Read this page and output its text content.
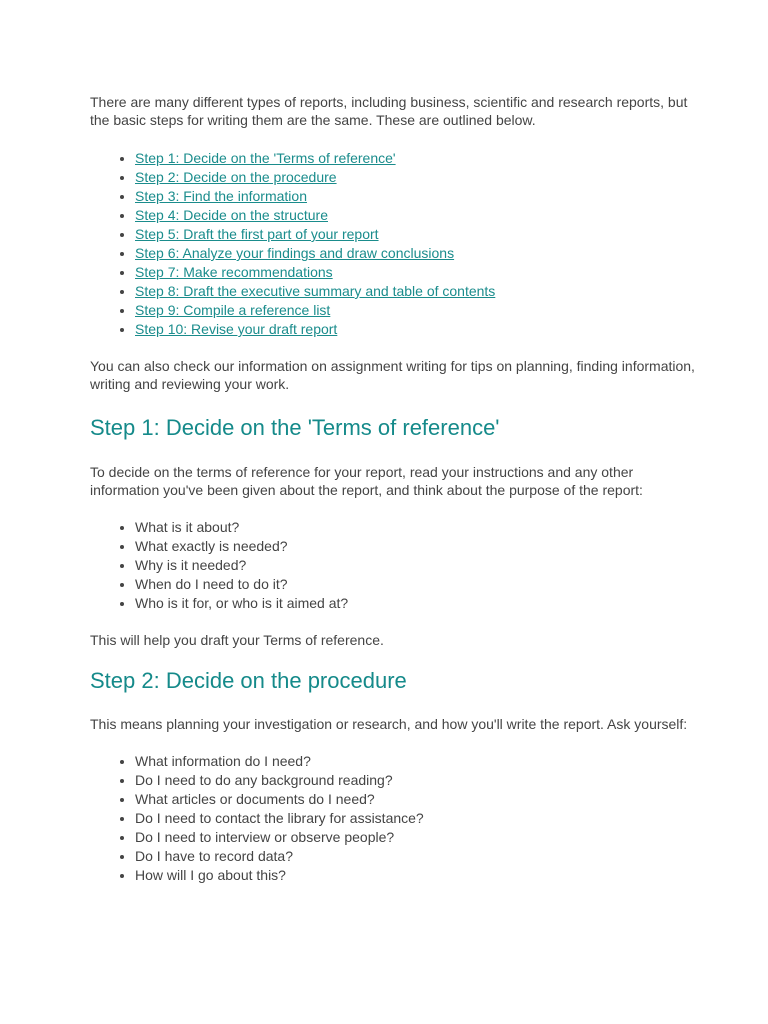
There are many different types of reports, including business, scientific and research reports, but the basic steps for writing them are the same. These are outlined below.

• Step 1: Decide on the 'Terms of reference'
• Step 2: Decide on the procedure
• Step 3: Find the information
• Step 4: Decide on the structure
• Step 5: Draft the first part of your report
• Step 6: Analyze your findings and draw conclusions
• Step 7: Make recommendations
• Step 8: Draft the executive summary and table of contents
• Step 9: Compile a reference list
• Step 10: Revise your draft report

You can also check our information on assignment writing for tips on planning, finding information, writing and reviewing your work.

Step 1: Decide on the 'Terms of reference'

To decide on the terms of reference for your report, read your instructions and any other information you've been given about the report, and think about the purpose of the report:

• What is it about?
• What exactly is needed?
• Why is it needed?
• When do I need to do it?
• Who is it for, or who is it aimed at?

This will help you draft your Terms of reference.

Step 2: Decide on the procedure

This means planning your investigation or research, and how you'll write the report. Ask yourself:

• What information do I need?
• Do I need to do any background reading?
• What articles or documents do I need?
• Do I need to contact the library for assistance?
• Do I need to interview or observe people?
• Do I have to record data?
• How will I go about this?
